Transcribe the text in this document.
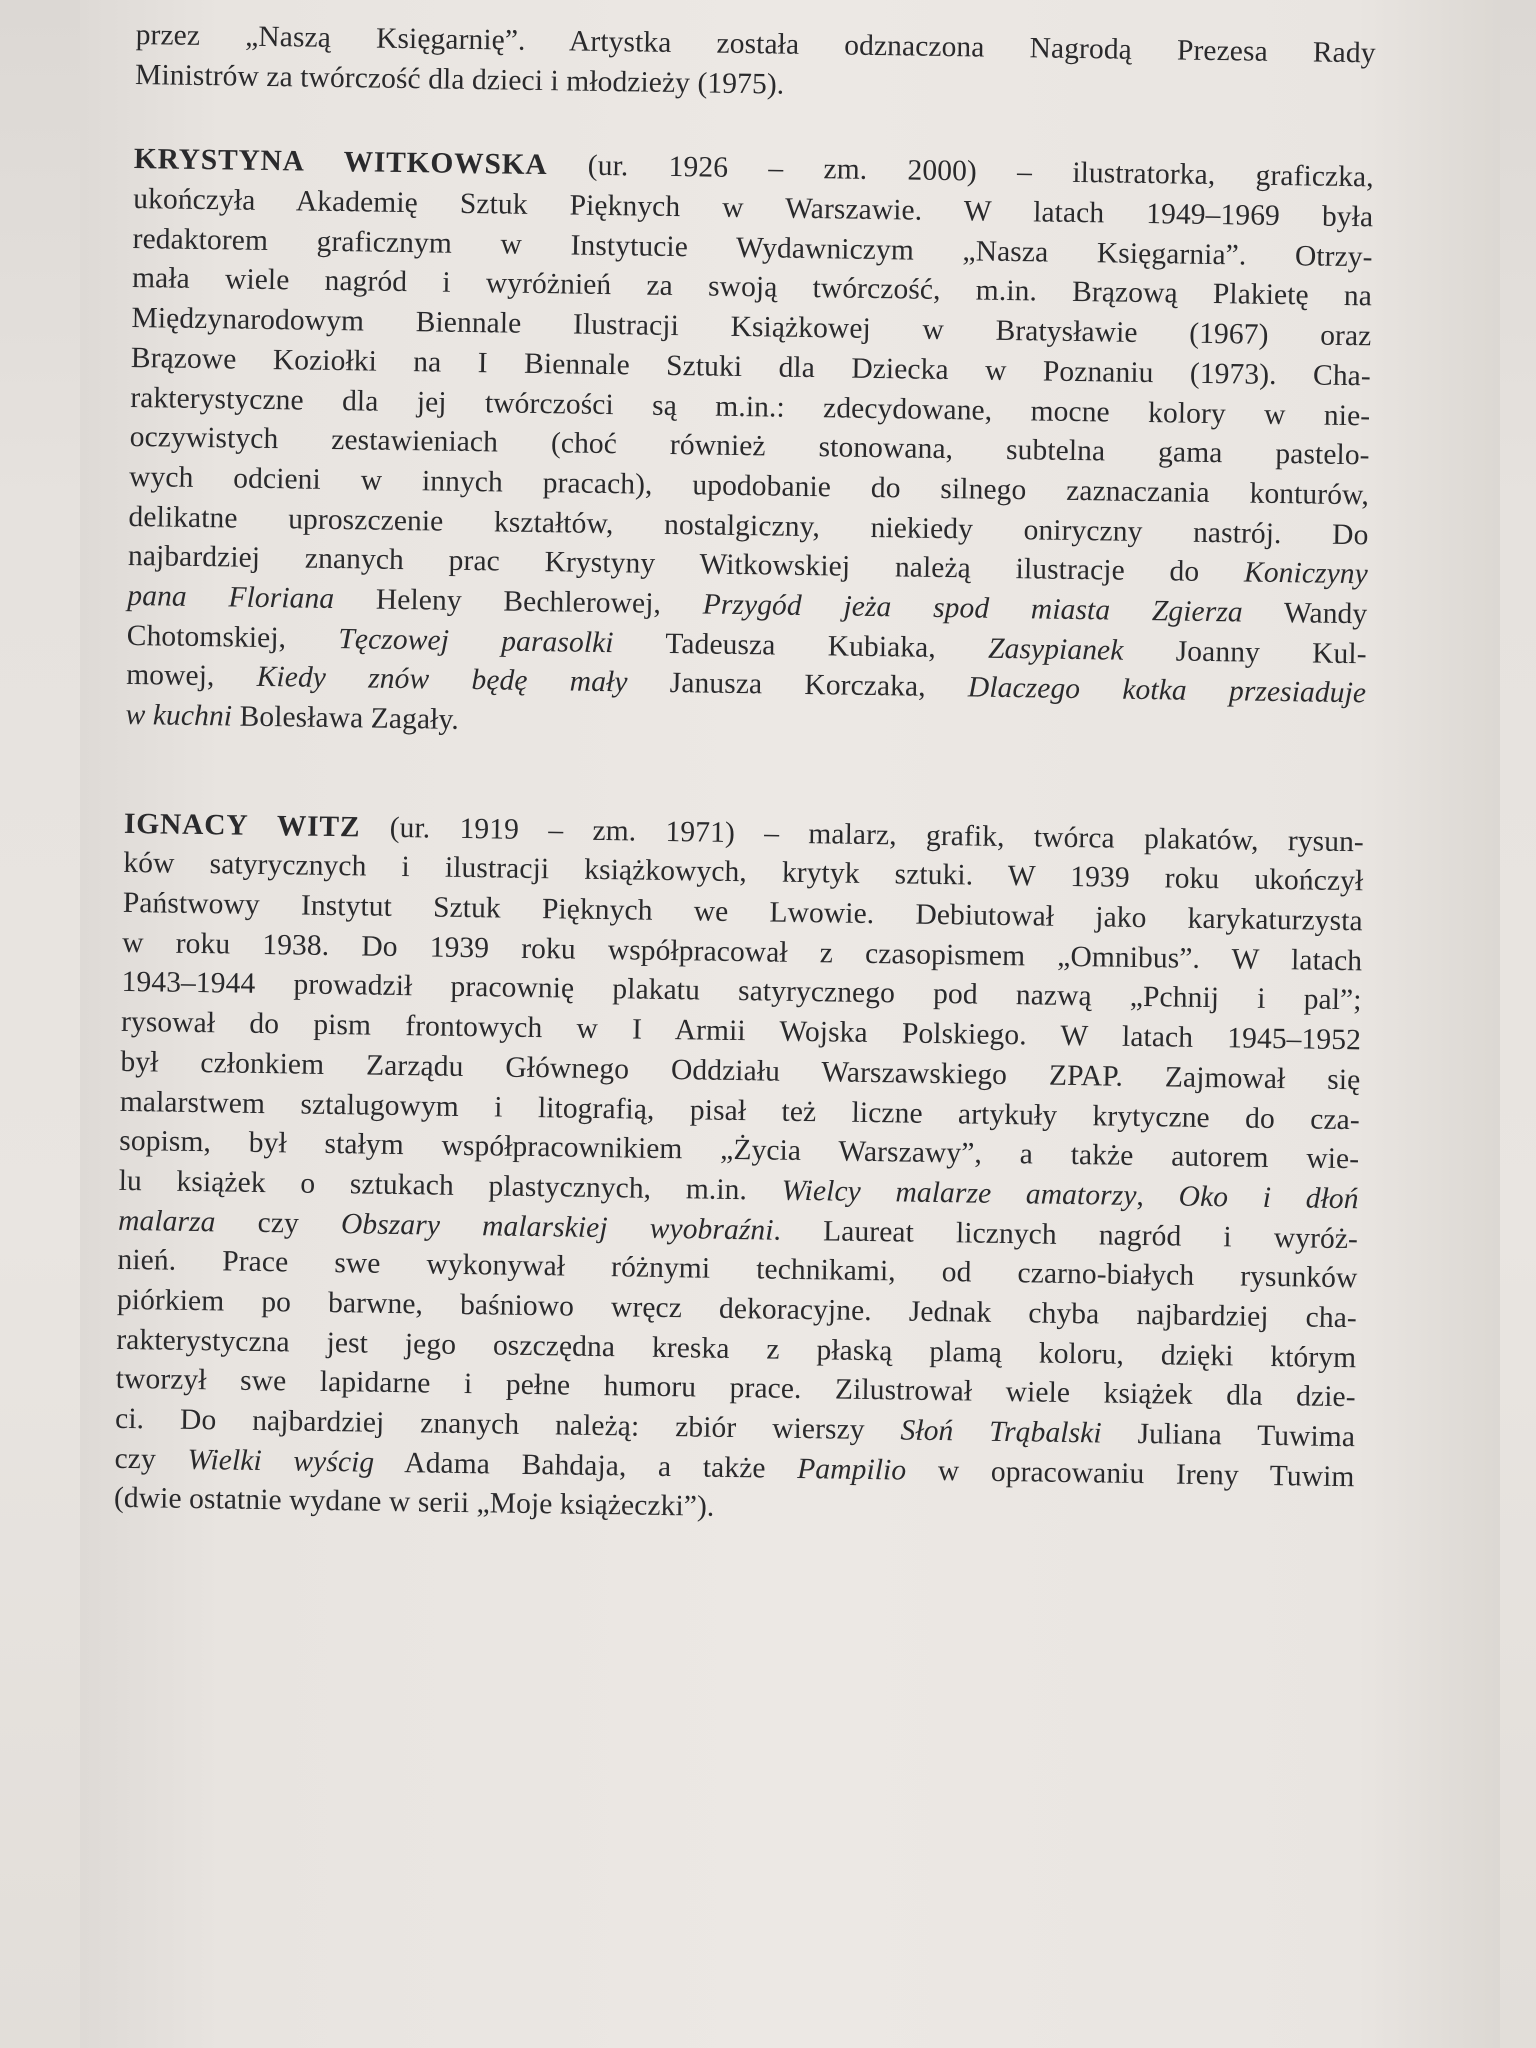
przez „Naszą Księgarnię”. Artystka została odznaczona Nagrodą Prezesa Rady
Ministrów za twórczość dla dzieci i młodzieży (1975).
KRYSTYNA WITKOWSKA (ur. 1926 – zm. 2000) – ilustratorka, graficzka,
ukończyła Akademię Sztuk Pięknych w Warszawie. W latach 1949–1969 była
redaktorem graficznym w Instytucie Wydawniczym „Nasza Księgarnia”. Otrzy-
mała wiele nagród i wyróżnień za swoją twórczość, m.in. Brązową Plakietę na
Międzynarodowym Biennale Ilustracji Książkowej w Bratysławie (1967) oraz
Brązowe Koziołki na I Biennale Sztuki dla Dziecka w Poznaniu (1973). Cha-
rakterystyczne dla jej twórczości są m.in.: zdecydowane, mocne kolory w nie-
oczywistych zestawieniach (choć również stonowana, subtelna gama pastelo-
wych odcieni w innych pracach), upodobanie do silnego zaznaczania konturów,
delikatne uproszczenie kształtów, nostalgiczny, niekiedy oniryczny nastrój. Do
najbardziej znanych prac Krystyny Witkowskiej należą ilustracje do Koniczyny
pana Floriana Heleny Bechlerowej, Przygód jeża spod miasta Zgierza Wandy
Chotomskiej, Tęczowej parasolki Tadeusza Kubiaka, Zasypianek Joanny Kul-
mowej, Kiedy znów będę mały Janusza Korczaka, Dlaczego kotka przesiaduje
w kuchni Bolesława Zagały.
IGNACY WITZ (ur. 1919 – zm. 1971) – malarz, grafik, twórca plakatów, rysun-
ków satyrycznych i ilustracji książkowych, krytyk sztuki. W 1939 roku ukończył
Państwowy Instytut Sztuk Pięknych we Lwowie. Debiutował jako karykaturzysta
w roku 1938. Do 1939 roku współpracował z czasopismem „Omnibus”. W latach
1943–1944 prowadził pracownię plakatu satyrycznego pod nazwą „Pchnij i pal”;
rysował do pism frontowych w I Armii Wojska Polskiego. W latach 1945–1952
był członkiem Zarządu Głównego Oddziału Warszawskiego ZPAP. Zajmował się
malarstwem sztalugowym i litografią, pisał też liczne artykuły krytyczne do cza-
sopism, był stałym współpracownikiem „Życia Warszawy”, a także autorem wie-
lu książek o sztukach plastycznych, m.in. Wielcy malarze amatorzy, Oko i dłoń
malarza czy Obszary malarskiej wyobraźni. Laureat licznych nagród i wyróż-
nień. Prace swe wykonywał różnymi technikami, od czarno-białych rysunków
piórkiem po barwne, baśniowo wręcz dekoracyjne. Jednak chyba najbardziej cha-
rakterystyczna jest jego oszczędna kreska z płaską plamą koloru, dzięki którym
tworzył swe lapidarne i pełne humoru prace. Zilustrował wiele książek dla dzie-
ci. Do najbardziej znanych należą: zbiór wierszy Słoń Trąbalski Juliana Tuwima
czy Wielki wyścig Adama Bahdaja, a także Pampilio w opracowaniu Ireny Tuwim
(dwie ostatnie wydane w serii „Moje książeczki”).
